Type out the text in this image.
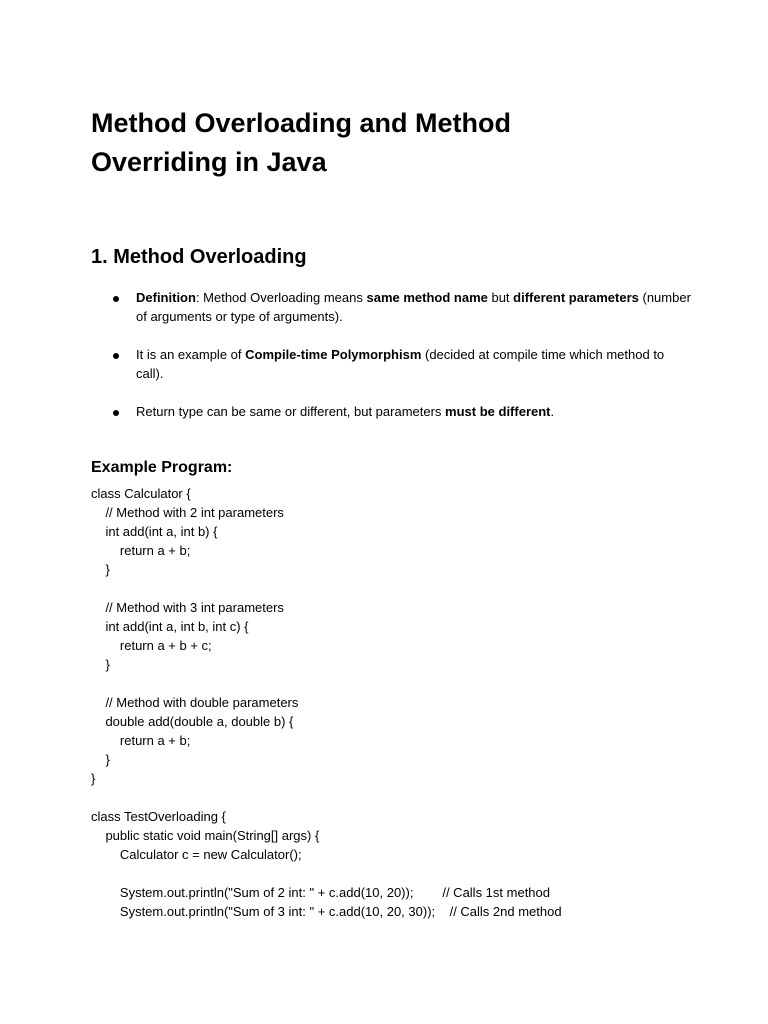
Method Overloading and Method Overriding in Java
1. Method Overloading
Definition: Method Overloading means same method name but different parameters (number of arguments or type of arguments).
It is an example of Compile-time Polymorphism (decided at compile time which method to call).
Return type can be same or different, but parameters must be different.
Example Program:
class Calculator {
// Method with 2 int parameters
int add(int a, int b) {
return a + b;
}
// Method with 3 int parameters
int add(int a, int b, int c) {
return a + b + c;
}
// Method with double parameters
double add(double a, double b) {
return a + b;
}
}
class TestOverloading {
public static void main(String[] args) {
Calculator c = new Calculator();
System.out.println("Sum of 2 int: " + c.add(10, 20));        // Calls 1st method
System.out.println("Sum of 3 int: " + c.add(10, 20, 30));    // Calls 2nd method
